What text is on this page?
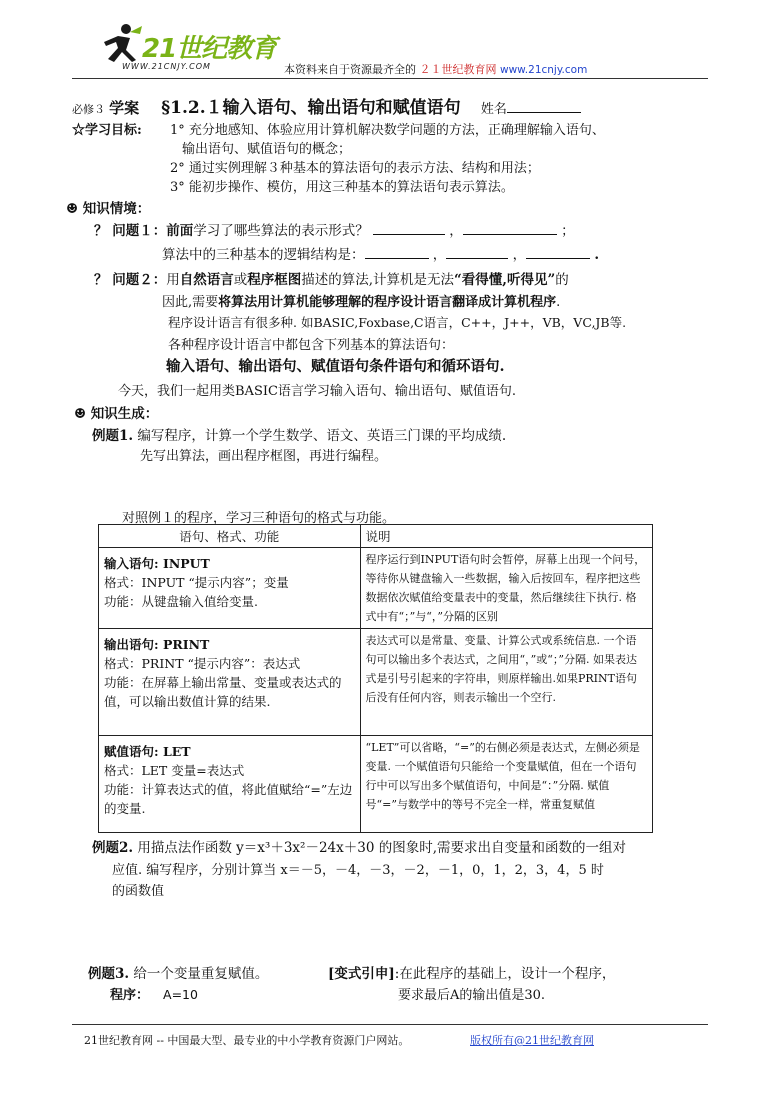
21世纪教育
WWW.21CNJY.COM	本资料来自于资源最齐全的 ２１世纪教育网 www.21cnjy.com
必修３ 学案 §1.2.１输入语句、输出语句和赋值语句 姓名
☆学习目标: 1° 充分地感知、体验应用计算机解决数学问题的方法，正确理解输入语句、
输出语句、赋值语句的概念；
2° 通过实例理解３种基本的算法语句的表示方法、结构和用法；
3° 能初步操作、模仿，用这三种基本的算法语句表示算法。
☻ 知识情境：
？ 问题１：前面学习了哪些算法的表示形式？	，	；
算法中的三种基本的逻辑结构是：	，	，	.
？ 问题２：用自然语言或程序框图描述的算法,计算机是无法“看得懂,听得见”的
因此,需要将算法用计算机能够理解的程序设计语言翻译成计算机程序.
程序设计语言有很多种. 如BASIC,Foxbase,C语言，C++，J++，VB，VC,JB等.
各种程序设计语言中都包含下列基本的算法语句：
输入语句、输出语句、赋值语句条件语句和循环语句.
今天，我们一起用类BASIC语言学习输入语句、输出语句、赋值语句.
☻ 知识生成：
例题1. 编写程序，计算一个学生数学、语文、英语三门课的平均成绩.
先写出算法，画出程序框图，再进行编程。
对照例１的程序，学习三种语句的格式与功能。
语句、格式、功能	说明

输入语句: INPUT
格式：INPUT “提示内容”；变量
功能：从键盘输入值给变量.	程序运行到INPUT语句时会暂停，屏幕上出现一个问号，等待你从键盘输入一些数据，输入后按回车，程序把这些数据依次赋值给变量表中的变量，然后继续往下执行. 格式中有“；”与“，”分隔的区别

输出语句: PRINT
格式：PRINT “提示内容”：表达式
功能：在屏幕上输出常量、变量或表达式的值，可以输出数值计算的结果.	表达式可以是常量、变量、计算公式或系统信息. 一个语句可以输出多个表达式，之间用“，”或“；”分隔. 如果表达式是引号引起来的字符串，则原样输出.如果PRINT语句后没有任何内容，则表示输出一个空行.

赋值语句: LET
格式：LET 变量=表达式
功能：计算表达式的值，将此值赋给“=”左边的变量.	“LET”可以省略，“=”的右侧必须是表达式，左侧必须是变量. 一个赋值语句只能给一个变量赋值，但在一个语句行中可以写出多个赋值语句，中间是“：”分隔. 赋值号“=”与数学中的等号不完全一样，常重复赋值
例题2. 用描点法作函数 y＝x³＋3x²－24x＋30 的图象时,需要求出自变量和函数的一组对
应值. 编写程序，分别计算当 x＝－5，－4，－3，－2，－1，0，1，2，3，4，5 时
的函数值
例题3. 给一个变量重复赋值。	[变式引申]:在此程序的基础上，设计一个程序，
程序： A=10	要求最后A的输出值是30.
21世纪教育网 -- 中国最大型、最专业的中小学教育资源门户网站。	版权所有@21世纪教育网
